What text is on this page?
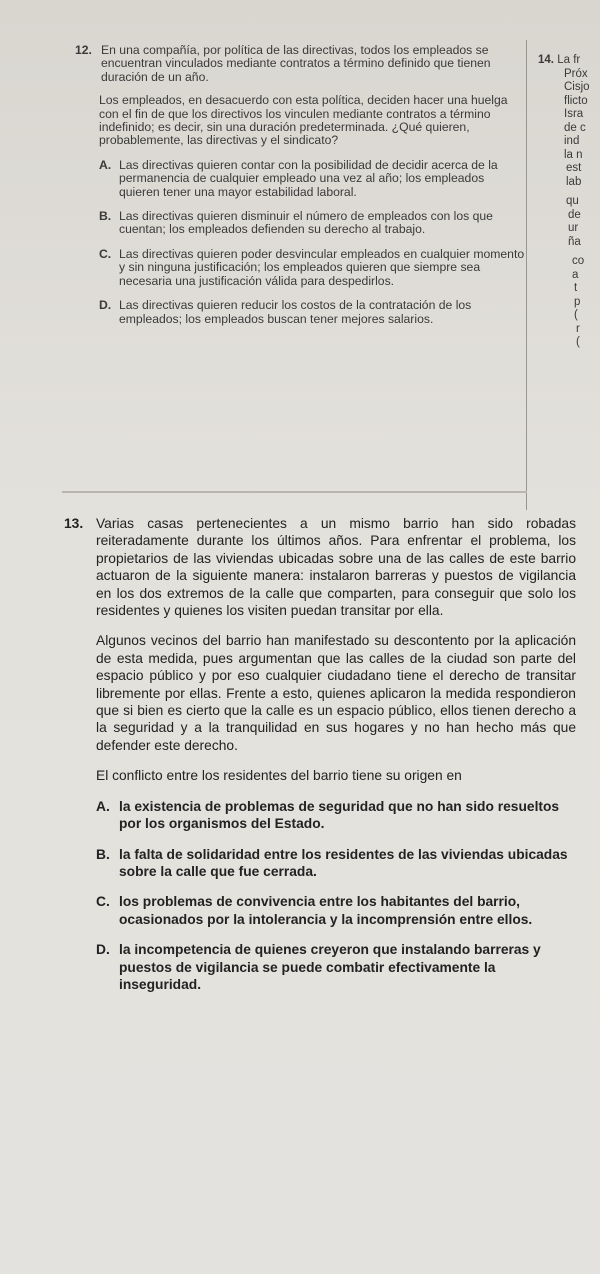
12. En una compañía, por política de las directivas, todos los empleados se encuentran vinculados mediante contratos a término definido que tienen duración de un año.

Los empleados, en desacuerdo con esta política, deciden hacer una huelga con el fin de que los directivos los vinculen mediante contratos a término indefinido; es decir, sin una duración predeterminada. ¿Qué quieren, probablemente, las directivas y el sindicato?

A. Las directivas quieren contar con la posibilidad de decidir acerca de la permanencia de cualquier empleado una vez al año; los empleados quieren tener una mayor estabilidad laboral.
B. Las directivas quieren disminuir el número de empleados con los que cuentan; los empleados defienden su derecho al trabajo.
C. Las directivas quieren poder desvincular empleados en cualquier momento y sin ninguna justificación; los empleados quieren que siempre sea necesaria una justificación válida para despedirlos.
D. Las directivas quieren reducir los costos de la contratación de los empleados; los empleados buscan tener mejores salarios.
14. La fr
Próx
Cisjo
flicto
Isra
de c
ind
la n
est
lab
qu
de
ur
ña
co
a
t
p
(
r
(
13. Varias casas pertenecientes a un mismo barrio han sido robadas reiteradamente durante los últimos años. Para enfrentar el problema, los propietarios de las viviendas ubicadas sobre una de las calles de este barrio actuaron de la siguiente manera: instalaron barreras y puestos de vigilancia en los dos extremos de la calle que comparten, para conseguir que solo los residentes y quienes los visiten puedan transitar por ella.
Algunos vecinos del barrio han manifestado su descontento por la aplicación de esta medida, pues argumentan que las calles de la ciudad son parte del espacio público y por eso cualquier ciudadano tiene el derecho de transitar libremente por ellas. Frente a esto, quienes aplicaron la medida respondieron que si bien es cierto que la calle es un espacio público, ellos tienen derecho a la seguridad y a la tranquilidad en sus hogares y no han hecho más que defender este derecho.
El conflicto entre los residentes del barrio tiene su origen en
A. la existencia de problemas de seguridad que no han sido resueltos por los organismos del Estado.
B. la falta de solidaridad entre los residentes de las viviendas ubicadas sobre la calle que fue cerrada.
C. los problemas de convivencia entre los habitantes del barrio, ocasionados por la intolerancia y la incomprensión entre ellos.
D. la incompetencia de quienes creyeron que instalando barreras y puestos de vigilancia se puede combatir efectivamente la inseguridad.
